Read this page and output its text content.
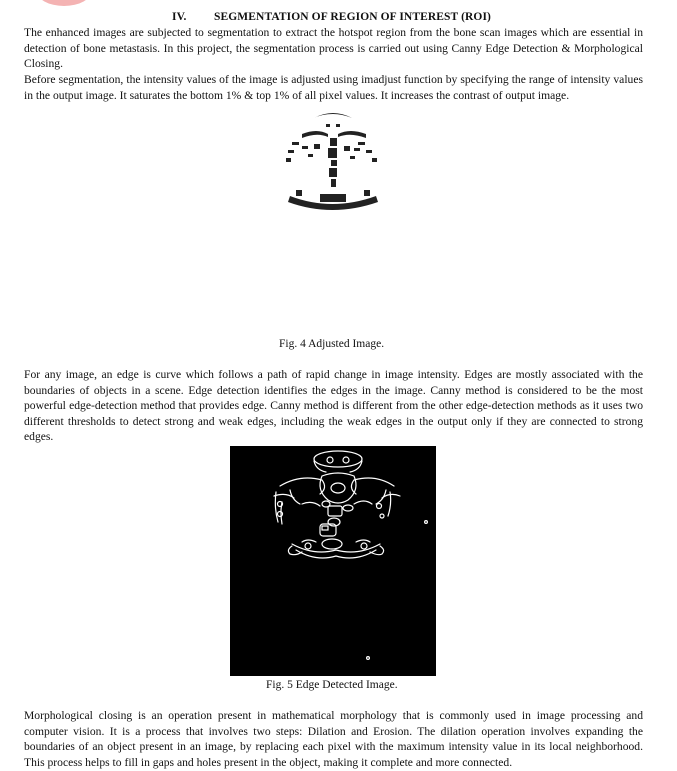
IV. SEGMENTATION OF REGION OF INTEREST (ROI)

The enhanced images are subjected to segmentation to extract the hotspot region from the bone scan images which are essential in detection of bone metastasis. In this project, the segmentation process is carried out using Canny Edge Detection & Morphological Closing.

Before segmentation, the intensity values of the image is adjusted using imadjust function by specifying the range of intensity values in the output image. It saturates the bottom 1% & top 1% of all pixel values. It increases the contrast of output image.

Fig. 4 Adjusted Image.

For any image, an edge is curve which follows a path of rapid change in image intensity. Edges are mostly associated with the boundaries of objects in a scene. Edge detection identifies the edges in the image. Canny method is considered to be the most powerful edge-detection method that provides edge. Canny method is different from the other edge-detection methods as it uses two different thresholds to detect strong and weak edges, including the weak edges in the output only if they are connected to strong edges.

Fig. 5 Edge Detected Image.

Morphological closing is an operation present in mathematical morphology that is commonly used in image processing and computer vision. It is a process that involves two steps: Dilation and Erosion. The dilation operation involves expanding the boundaries of an object present in an image, by replacing each pixel with the maximum intensity value in its local neighborhood. This process helps to fill in gaps and holes present in the object, making it complete and more connected.
